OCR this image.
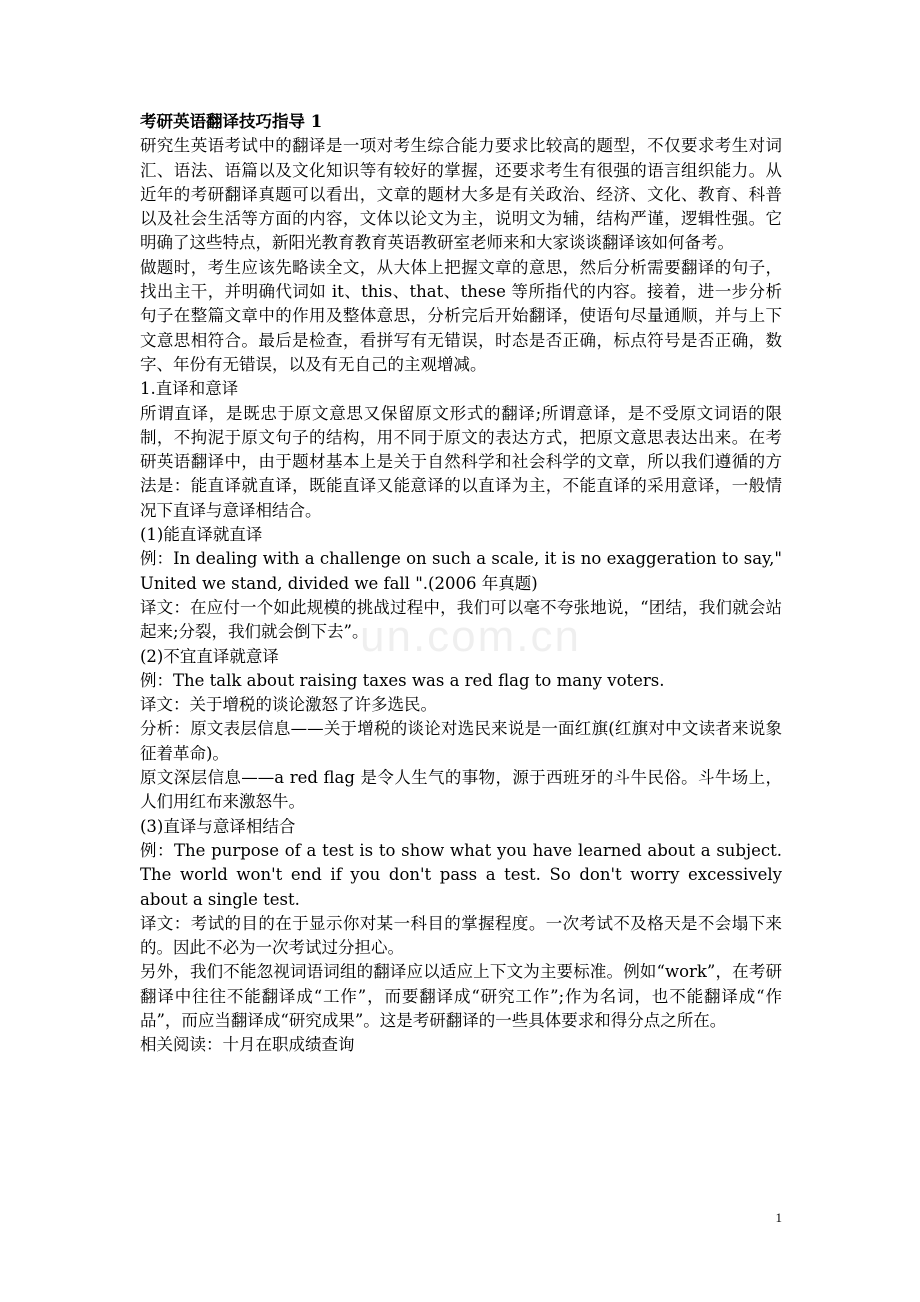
考研英语翻译技巧指导 1

研究生英语考试中的翻译是一项对考生综合能力要求比较高的题型，不仅要求考生对词汇、语法、语篇以及文化知识等有较好的掌握，还要求考生有很强的语言组织能力。从近年的考研翻译真题可以看出，文章的题材大多是有关政治、经济、文化、教育、科普以及社会生活等方面的内容，文体以论文为主，说明文为辅，结构严谨，逻辑性强。它明确了这些特点，新阳光教育教育英语教研室老师来和大家谈谈翻译该如何备考。

做题时，考生应该先略读全文，从大体上把握文章的意思，然后分析需要翻译的句子，找出主干，并明确代词如 it、this、that、these 等所指代的内容。接着，进一步分析句子在整篇文章中的作用及整体意思，分析完后开始翻译，使语句尽量通顺，并与上下文意思相符合。最后是检查，看拼写有无错误，时态是否正确，标点符号是否正确，数字、年份有无错误，以及有无自己的主观增减。

1.直译和意译

所谓直译，是既忠于原文意思又保留原文形式的翻译;所谓意译，是不受原文词语的限制，不拘泥于原文句子的结构，用不同于原文的表达方式，把原文意思表达出来。在考研英语翻译中，由于题材基本上是关于自然科学和社会科学的文章，所以我们遵循的方法是：能直译就直译，既能直译又能意译的以直译为主，不能直译的采用意译，一般情况下直译与意译相结合。

(1)能直译就直译

例：In dealing with a challenge on such a scale, it is no exaggeration to say," United we stand, divided we fall ".(2006 年真题)

译文：在应付一个如此规模的挑战过程中，我们可以毫不夸张地说，“团结，我们就会站起来;分裂，我们就会倒下去”。

(2)不宜直译就意译

例：The talk about raising taxes was a red flag to many voters.

译文：关于增税的谈论激怒了许多选民。

分析：原文表层信息——关于增税的谈论对选民来说是一面红旗(红旗对中文读者来说象征着革命)。

原文深层信息——a red flag 是令人生气的事物，源于西班牙的斗牛民俗。斗牛场上，人们用红布来激怒牛。

(3)直译与意译相结合

例：The purpose of a test is to show what you have learned about a subject. The world won't end if you don't pass a test. So don't worry excessively about a single test.

译文：考试的目的在于显示你对某一科目的掌握程度。一次考试不及格天是不会塌下来的。因此不必为一次考试过分担心。

另外，我们不能忽视词语词组的翻译应以适应上下文为主要标准。例如“work”，在考研翻译中往往不能翻译成“工作”，而要翻译成“研究工作”;作为名词，也不能翻译成“作品”，而应当翻译成“研究成果”。这是考研翻译的一些具体要求和得分点之所在。

相关阅读：十月在职成绩查询

un.com.cn
1
